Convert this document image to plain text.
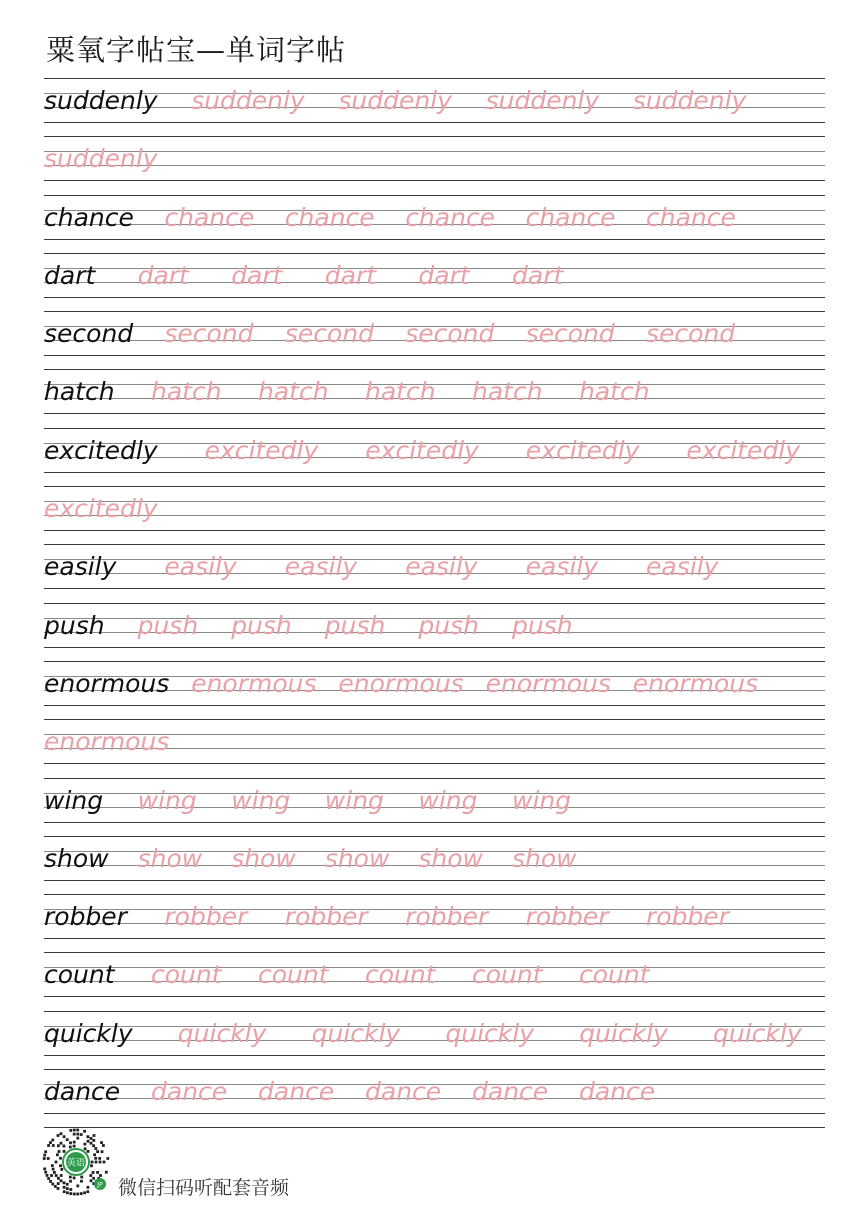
粟氧字帖宝—单词字帖
suddenly suddenly suddenly suddenly suddenly
suddenly
chance chance chance chance chance chance
dart dart dart dart dart dart
second second second second second second
hatch hatch hatch hatch hatch hatch
excitedly excitedly excitedly excitedly excitedly
excitedly
easily easily easily easily easily easily
push push push push push push
enormous enormous enormous enormous enormous
enormous
wing wing wing wing wing wing
show show show show show show
robber robber robber robber robber robber
count count count count count count
quickly quickly quickly quickly quickly quickly
dance dance dance dance dance dance
英语
JP 微信扫码听配套音频
